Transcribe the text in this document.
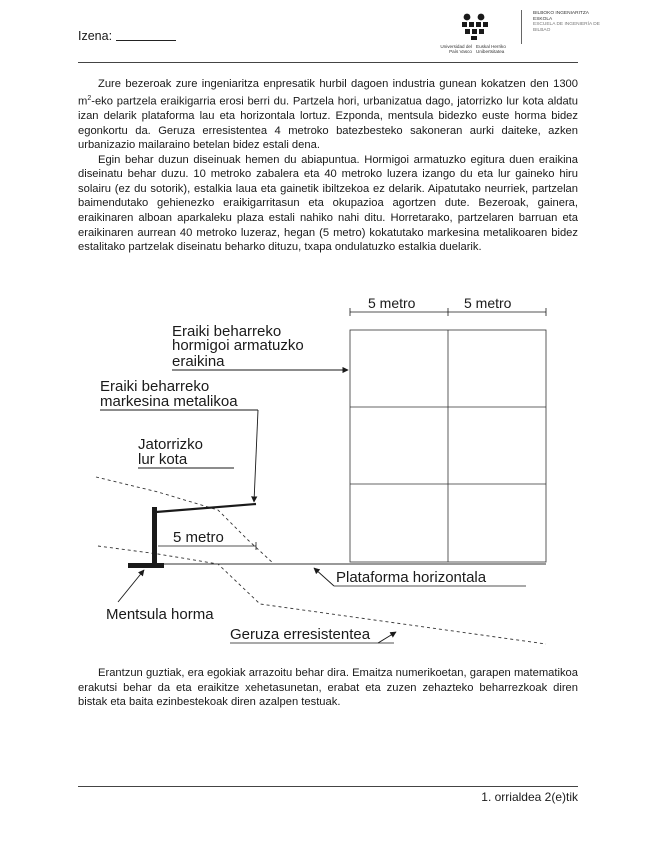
Izena:
Universidad del País Vasco
Euskal Herriko Unibertsitatea
BILBOKO INGENIARITZA ESKOLA
ESCUELA DE INGENIERÍA DE BILBAO

Zure bezeroak zure ingeniaritza enpresatik hurbil dagoen industria gunean kokatzen den 1300 $m^2$-eko partzela eraikigarria erosi berri du. Partzela hori, urbanizatua dago, jatorrizko lur kota aldatu izan delarik plataforma lau eta horizontala lortuz. Ezponda, mentsula bidezko euste horma bidez egonkortu da. Geruza erresistentea 4 metroko batezbesteko sakoneran aurki daiteke, azken urbanizazio mailaraino betelan bidez estali dena.

Egin behar duzun diseinuak hemen du abiapuntua. Hormigoi armatuzko egitura duen eraikina diseinatu behar duzu. 10 metroko zabalera eta 40 metroko luzera izango du eta lur gaineko hiru solairu (ez du sotorik), estalkia laua eta gainetik ibiltzekoa ez delarik. Aipatutako neurriek, partzelan baimendutako gehienezko eraikigarritasun eta okupazioa agortzen dute. Bezeroak, gainera, eraikinaren alboan aparkaleku plaza estali nahiko nahi ditu. Horretarako, partzelaren barruan eta eraikinaren aurrean 40 metroko luzeraz, hegan (5 metro) kokatutako markesina metalikoaren bidez estalitako partzelak diseinatu beharko dituzu, txapa ondulatuzko estalkia duelarik.

5 metro	5 metro
Eraiki beharreko
hormigoi armatuzko
eraikina
Eraiki beharreko
markesina metalikoa
Jatorrizko
lur kota
5 metro
Plataforma horizontala
Mentsula horma
Geruza erresistentea

Erantzun guztiak, era egokiak arrazoitu behar dira. Emaitza numerikoetan, garapen matematikoa erakutsi behar da eta eraikitze xehetasunetan, erabat eta zuzen zehazteko beharrezkoak diren bistak eta baita ezinbestekoak diren azalpen testuak.

1. orrialdea 2(e)tik
